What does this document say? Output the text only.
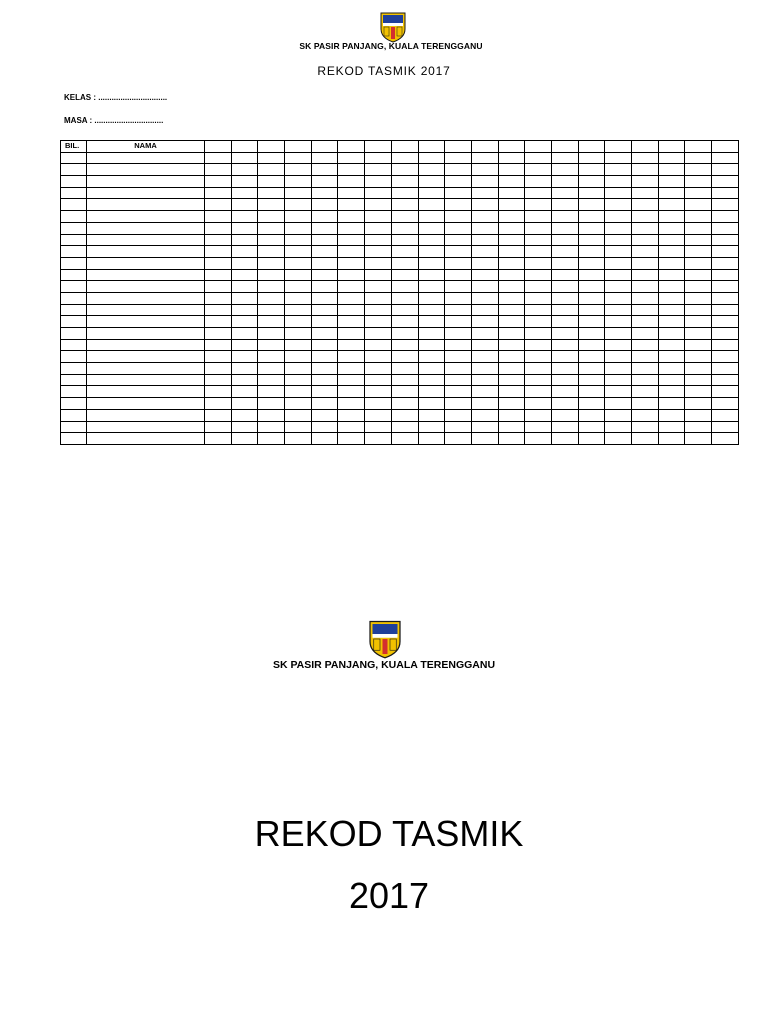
SK PASIR PANJANG, KUALA TERENGGANU
REKOD TASMIK 2017
KELAS : ...............................
MASA : ...............................
BIL.	NAMA																				

SK PASIR PANJANG, KUALA TERENGGANU
REKOD TASMIK
2017
